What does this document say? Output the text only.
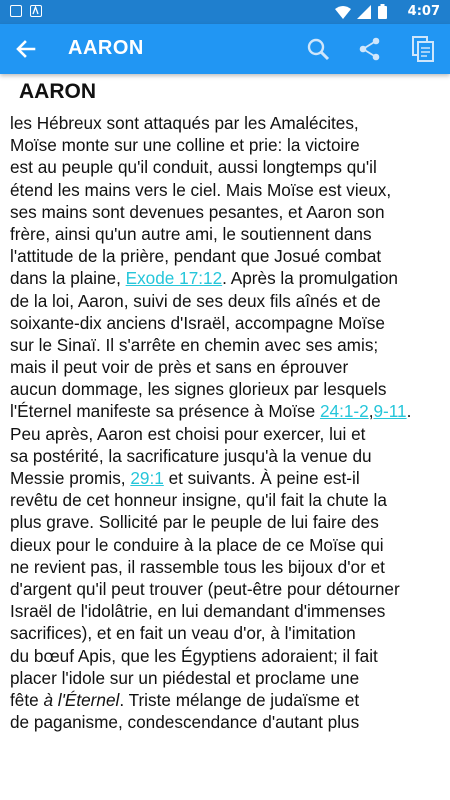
4:07
AARON
AARON
les Hébreux sont attaqués par les Amalécites,
Moïse monte sur une colline et prie: la victoire
est au peuple qu'il conduit, aussi longtemps qu'il
étend les mains vers le ciel. Mais Moïse est vieux,
ses mains sont devenues pesantes, et Aaron son
frère, ainsi qu'un autre ami, le soutiennent dans
l'attitude de la prière, pendant que Josué combat
dans la plaine, Exode 17:12. Après la promulgation
de la loi, Aaron, suivi de ses deux fils aînés et de
soixante-dix anciens d'Israël, accompagne Moïse
sur le Sinaï. Il s'arrête en chemin avec ses amis;
mais il peut voir de près et sans en éprouver
aucun dommage, les signes glorieux par lesquels
l'Éternel manifeste sa présence à Moïse 24:1-2,9-11.
Peu après, Aaron est choisi pour exercer, lui et
sa postérité, la sacrificature jusqu'à la venue du
Messie promis, 29:1 et suivants. À peine est-il
revêtu de cet honneur insigne, qu'il fait la chute la
plus grave. Sollicité par le peuple de lui faire des
dieux pour le conduire à la place de ce Moïse qui
ne revient pas, il rassemble tous les bijoux d'or et
d'argent qu'il peut trouver (peut-être pour détourner
Israël de l'idolâtrie, en lui demandant d'immenses
sacrifices), et en fait un veau d'or, à l'imitation
du bœuf Apis, que les Égyptiens adoraient; il fait
placer l'idole sur un piédestal et proclame une
fête à l'Éternel. Triste mélange de judaïsme et
de paganisme, condescendance d'autant plus
